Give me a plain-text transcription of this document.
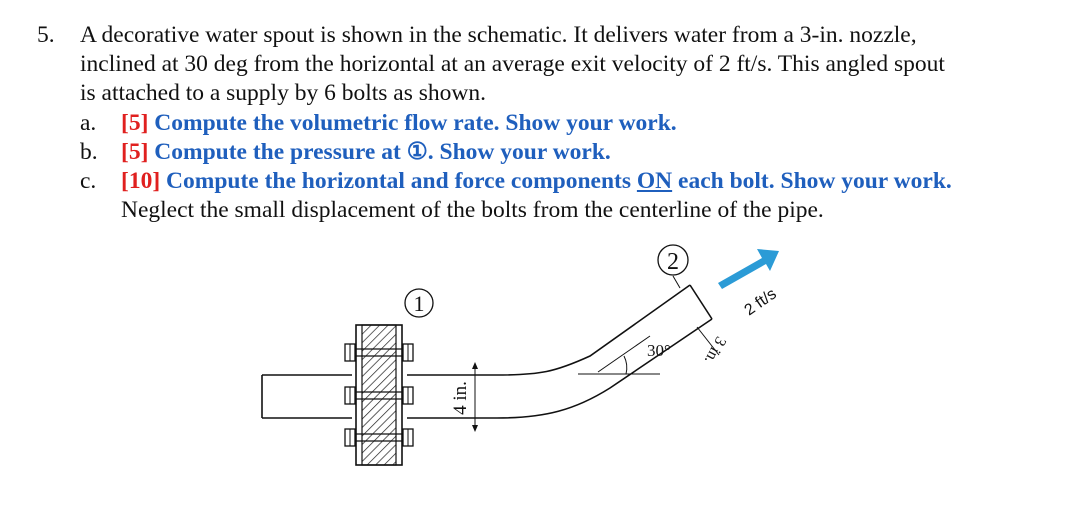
5. A decorative water spout is shown in the schematic. It delivers water from a 3-in. nozzle,
inclined at 30 deg from the horizontal at an average exit velocity of 2 ft/s. This angled spout
is attached to a supply by 6 bolts as shown.
a. [5] Compute the volumetric flow rate. Show your work.
b. [5] Compute the pressure at ①. Show your work.
c. [10] Compute the horizontal and force components ON each bolt. Show your work.
Neglect the small displacement of the bolts from the centerline of the pipe.
1
4 in.
30°
2
3 in.
2 ft/s
